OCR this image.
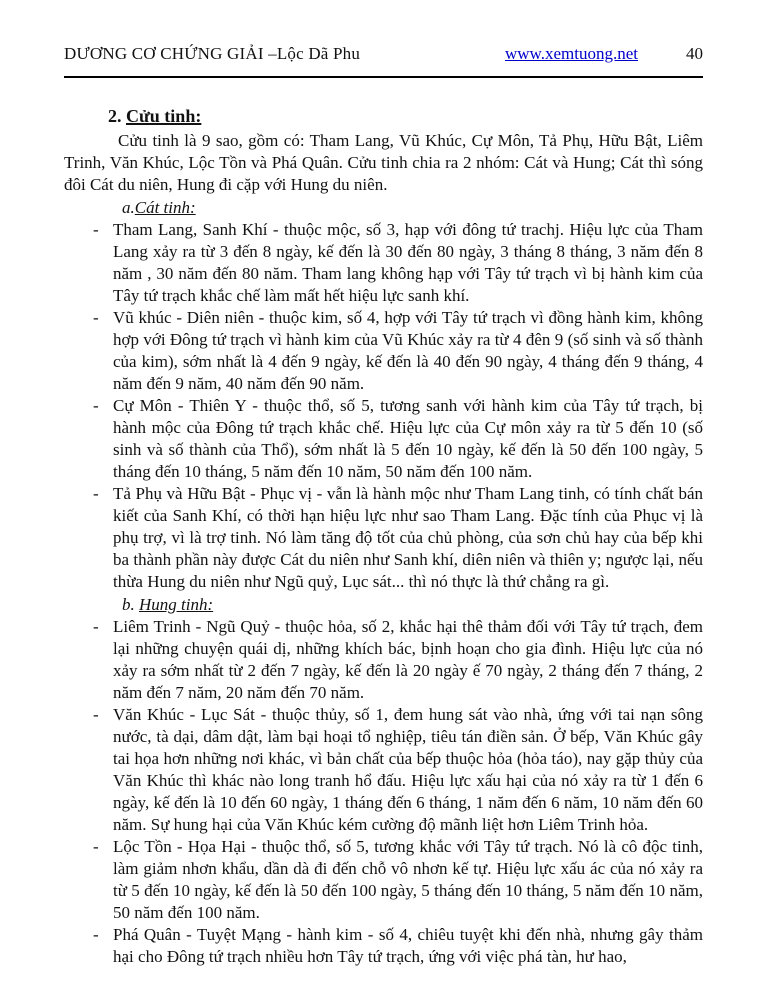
DƯƠNG CƠ CHỨNG GIẢI –Lộc Dã Phu	www.xemtuong.net	40
2. Cửu tinh:

Cửu tinh là 9 sao, gồm có: Tham Lang, Vũ Khúc, Cự Môn, Tả Phụ, Hữu Bật, Liêm Trinh, Văn Khúc, Lộc Tồn và Phá Quân. Cửu tinh chia ra 2 nhóm: Cát và Hung; Cát thì sóng đôi Cát du niên, Hung đi cặp với Hung du niên.

a.Cát tinh:
- Tham Lang, Sanh Khí - thuộc mộc, số 3, hạp với đông tứ trachj. Hiệu lực của Tham Lang xảy ra từ 3 đến 8 ngày, kế đến là 30 đến 80 ngày, 3 tháng 8 tháng, 3 năm đến 8 năm , 30 năm đến 80 năm. Tham lang không hạp với Tây tứ trạch vì bị hành kim của Tây tứ trạch khắc chế làm mất hết hiệu lực sanh khí.

- Vũ khúc - Diên niên - thuộc kim, số 4, hợp với Tây tứ trạch vì đồng hành kim, không hợp với Đông tứ trạch vì hành kim của Vũ Khúc xảy ra từ 4 đên 9 (số sinh và số thành của kim), sớm nhất là 4 đến 9 ngày, kế đến là 40 đến 90 ngày, 4 tháng đến 9 tháng, 4 năm đến 9 năm, 40 năm đến 90 năm.

- Cự Môn - Thiên Y - thuộc thổ, số 5, tương sanh với hành kim của Tây tứ trạch, bị hành mộc của Đông tứ trạch khắc chế. Hiệu lực của Cự môn xảy ra từ 5 đến 10 (số sinh và số thành của Thổ), sớm nhất là 5 đến 10 ngày, kế đến là 50 đến 100 ngày, 5 tháng đến 10 tháng, 5 năm đến 10 năm, 50 năm đến 100 năm.

- Tả Phụ và Hữu Bật - Phục vị - vẫn là hành mộc như Tham Lang tinh, có tính chất bán kiết của Sanh Khí, có thời hạn hiệu lực như sao Tham Lang. Đặc tính của Phục vị là phụ trợ, vì là trợ tinh. Nó làm tăng độ tốt của chủ phòng, của sơn chủ hay của bếp khi ba thành phần này được Cát du niên như Sanh khí, diên niên và thiên y; ngược lại, nếu thừa Hung du niên như Ngũ quỷ, Lục sát... thì nó thực là thứ chẳng ra gì.

b. Hung tinh:
- Liêm Trinh - Ngũ Quỷ - thuộc hỏa, số 2, khắc hại thê thảm đối với Tây tứ trạch, đem lại những chuyện quái dị, những khích bác, bịnh hoạn cho gia đình. Hiệu lực của nó xảy ra sớm nhất từ 2 đến 7 ngày, kế đến là 20 ngày ế 70 ngày, 2 tháng đến 7 tháng, 2 năm đến 7 năm, 20 năm đến 70 năm.

- Văn Khúc - Lục Sát - thuộc thủy, số 1, đem hung sát vào nhà, ứng với tai nạn sông nước, tà dại, dâm dật, làm bại hoại tổ nghiệp, tiêu tán điền sản. Ở bếp, Văn Khúc gây tai họa hơn những nơi khác, vì bản chất của bếp thuộc hỏa (hỏa táo), nay gặp thủy của Văn Khúc thì khác nào long tranh hổ đấu. Hiệu lực xấu hại của nó xảy ra từ 1 đến 6 ngày, kế đến là 10 đến 60 ngày, 1 tháng đến 6 tháng, 1 năm đến 6 năm, 10 năm đến 60 năm. Sự hung hại của Văn Khúc kém cường độ mãnh liệt hơn Liêm Trinh hỏa.

- Lộc Tồn - Họa Hại - thuộc thổ, số 5, tương khắc với Tây tứ trạch. Nó là cô độc tinh, làm giảm nhơn khẩu, dần dà đi đến chỗ vô nhơn kế tự. Hiệu lực xấu ác của nó xảy ra từ 5 đến 10 ngày, kế đến là 50 đến 100 ngày, 5 tháng đến 10 tháng, 5 năm đến 10 năm, 50 năm đến 100 năm.

- Phá Quân - Tuyệt Mạng - hành kim - số 4, chiêu tuyệt khi đến nhà, nhưng gây thảm hại cho Đông tứ trạch nhiều hơn Tây tứ trạch, ứng với việc phá tàn, hư hao,
